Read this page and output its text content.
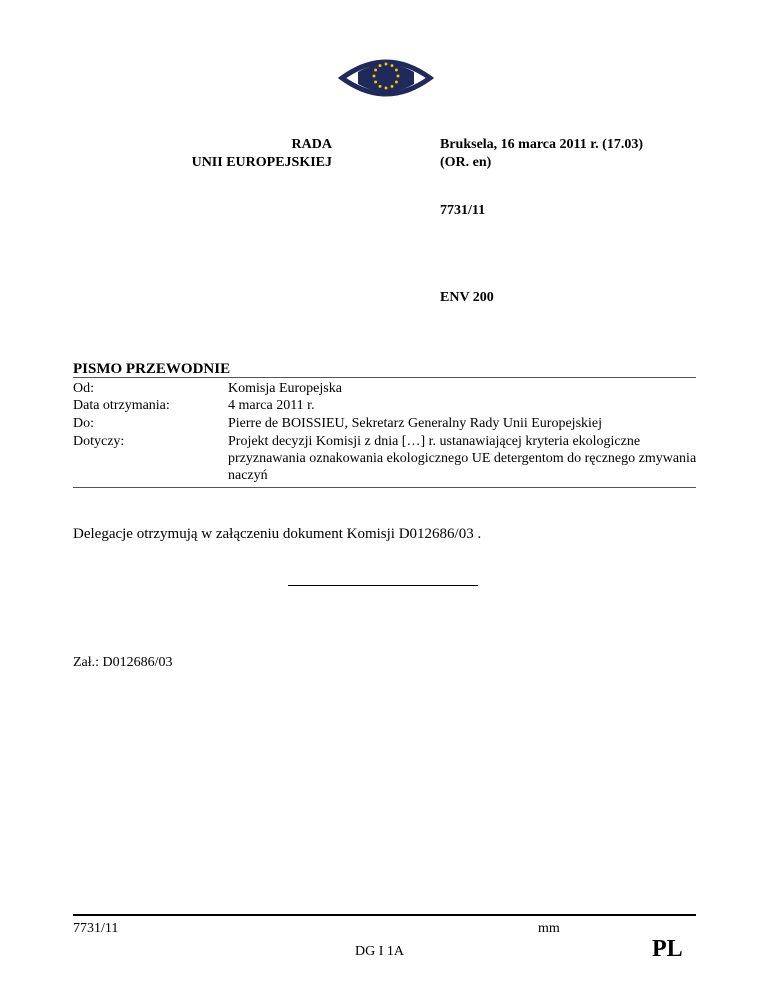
RADA
UNII EUROPEJSKIEJ
Bruksela, 16 marca 2011 r. (17.03)
(OR. en)
7731/11
ENV 200
PISMO PRZEWODNIE
Od:	Komisja Europejska
Data otrzymania:	4 marca 2011 r.
Do:	Pierre de BOISSIEU, Sekretarz Generalny Rady Unii Europejskiej
Dotyczy:	Projekt decyzji Komisji z dnia […] r. ustanawiającej kryteria ekologiczne przyznawania oznakowania ekologicznego UE detergentom do ręcznego zmywania naczyń
Delegacje otrzymują w załączeniu dokument Komisji D012686/03 .
Zał.: D012686/03
7731/11	mm
DG I 1A	PL
